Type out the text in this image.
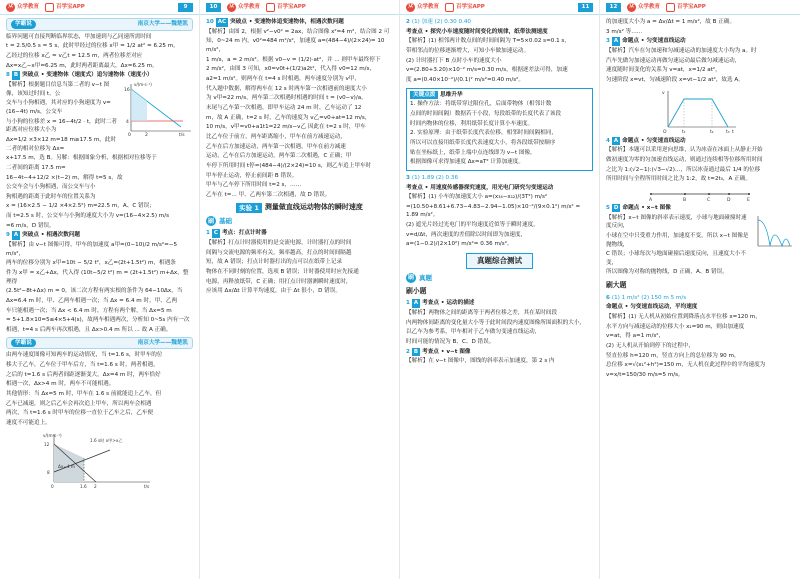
众 众学教育	百学宝APP	9
学霸说	南京大学——魏楚凯

临界问题可直接判断临界状态，甲加速到与乙同速所需时间

t = 2.5/0.5 s = 5 s，此时甲经过的位移 x甲 = 1/2 at² = 6.25 m，

乙经过的位移 x乙 = v乙t = 12.5 m，两者位移差对应

Δx=x乙−x甲=6.25 m，此时两者距离最大，Δx=6.25 m。

8 B 突破点 • 变速物体（速度式）追匀速物体（速度小）

16
4
0	2	t/s
v/(m·s⁻¹)

【解析】根据题目信息当第二者的 v−t 图像，该知过时间 t，公

交车与小狗相遇，其对应的小狗速度为 v=(16−4t) m/s，公交车

与小狗的位移差 x = 16−4t/2 · t，此时二者距离对应位移大小为

Δx=1/2 ×3×12 m=18 m≥17.5 m，此时二者的相对位移为 Δx=

x+17.5 m，选 B。另解：根据图象分析，根据相对位移等于

二者间的距离 17.5 m=

16−4t−4+12/2 ×(t−2) m，解得 t=5 s，故

公交车会与小狗相遇，而公交车与小

狗相遇的距离于此时车的位置关系为

x = (16×2.5 − 1/2 ×4×2.5²) m=22.5 m，A、C 错误；

而 t=2.5 s 时，公交车与小狗的速度大小为 v=(16−4×2.5) m/s

=6 m/s，D 错误。

9 A 突破点 • 相遇次数问题

【解析】由 v−t 图像可得，甲车的加速度 a甲=(0−10)/2 m/s²=−5 m/s²，

两车的位移分别为 x甲=10t − 5/2 t²，x乙=(2t+1.5t²) m，相遇条

件为 x甲 = x乙+Δx，代入得 (10t−5/2 t²) m = (2t+1.5t²) m+Δx，整理得

(2.5t²−8t+Δx) m = 0，该二次方程有两实根的条件为 64−10Δx，当

Δx=6.4 m 时，甲、乙两车相遇一次；当 Δx = 6.4 m 时，甲、乙两

车只能相遇一次；当 Δx < 6.4 m 时，方程有两个解，当 Δx=5 m

= 5+1.8×10=5≤4×5+4(s)，故两车相遇两次，分析知 0~5s 内有一次

相遇，t=4 s 后两车再次相遇，且 Δx>0.4 m 所以 ... 故 A 正确。

学霸说	南京大学——魏楚凯

由两车速度图像可知两车的运动情况，当 t=1.6 s，时甲车的位

移大于乙车，乙车位于甲车后方，当 t=1.6 s 时，两者相遇，

之后的 t=1.6 s 后两者间距逐渐变大，Δx=4 m 时，两车恰好

相遇一次，Δx>4 m 时，两车不可能相遇。

其他情形：当 Δx=5 m 时，甲车在 1.6 s 前就能追上乙车，但

乙车已减速，则之后乙车会再次追上甲车，所以两车会相遇

两次，当 t=1.6 s 时甲车的位移一直位于乙车之后，乙车便

速度不可能追上。

v/(m·s⁻¹)
12
8
0	1.6 2	t/s
Δx=4 m
1.6 s时 x甲>x乙
10	众 众学教育	百学宝APP

10 AC 突破点 • 变速物体追变速物体，相遇次数问题

【解析】由图 2，根据 v²−v0² = 2ax，结合图像 x²=4 m²，结合图 2 可

知，0~24 m 内，v0²=484 m²/s²，加速度 a=(484−4)/(2×24)= 10 m/s²，

1 m/s，a = 2 m/s²。根据 v0−v = (1/2)·at²，并 ... 则甲车最终停下

2 m/s²，由图 3 可知，x0=v0t+(1/2)a2t²，代入得 v0=12 m/s，

a2=1 m/s²。则两车在 t=4 s 时相遇，两车速度分别为 v甲，

代入题中数据，解得两车在 12 s 时两车第一次相遇前的速度大小

为 v甲=22 m/s，两车第二次相遇时相遇的时间 t = (v0−v)/a，

末尾与乙车第一次相遇，即甲车运动 24 m 时，乙车运动了 12

m，故 A 正确，t=2 s 时，乙车的速度为 v乙=v0+at=12 m/s，

10 m/s，v甲=v0+a1t1=22 m/s−v乙 因此在 t=2 s 时，甲车

比乙车位于前方，两车距离缩小，甲车在前方减速运动，

乙车在后方加速运动，两车第一次相遇，甲车在前方减速

运动，乙车在后方加速运动，两车第二次相遇，C 正确；甲

车停下所用时间 t停=(484−4)/(2×24)=10 s，则乙车追上甲车时

甲车停止运动，停止前间距 B 错误。

甲车与乙车停下所用时间 t=2 s，……

乙车在 t=... 甲、乙两车第二次相遇，故 D 错误。

实验 1 测量做直线运动物体的瞬时速度
刷 基础

1 C 考点：打点计时器

【解析】打点计时器使用的是交流电源，计时器打点的时间

间隔与交流电源的频率有关，频率越高，打点的时间间隔越

短，故 A 错误；打点计时器打出的点可以在纸带上记录

物体在不同时刻的位置，选项 B 错误；计时器使用时应先接通

电源，再释放纸带，C 正确；用打点计时器测瞬时速度时，

应该用 Δx/Δt 计算平均速度，由于 Δt 很小，D 错误。

众 众学教育	百学宝APP	11

2 (1) 加速 (2) 0.30 0.40

考查点 • 探究小车速度随时间变化的规律，纸带法测速度

【解析】(1) 相邻两计数点间的时间间隔为 T=5×0.02 s=0.1 s，

带相邻点的位移逐渐增大，可知小车做加速运动。

(2) 计时器打下 B 点时小车的速度大小

v=(2.80+3.20)×10⁻² m/s=0.30 m/s，根据逐差法可得，加速

度 a=(0.40×10⁻²)/(0.1)² m/s²=0.40 m/s²。

关键点拨 思维升华

1. 操作方法：将纸带穿过限位孔，后面带物体（相邻计数

点间的时间间隔）数据若干小段，每段纸带的长度代表了该段

时间内物体的位移，利用纸带长度计算小车速度。

2. 实验原理：由于纸带长度代表位移，相邻时间间隔相同，

所以可以直接用纸带长度代表速度大小，将各段纸带按顺序

贴在坐标纸上，纸带上端中点连线即为 v−t 图像，

根据图像可求得加速度 Δx=aT² 计算加速度。

3 (1) 1.89 (2) 0.36

考查点 • 用速度传感器探究速度，用光电门研究匀变速运动

【解析】(1) 小车的加速度大小 a=(x₃₄−x₁₂)/(3T²) m/s²

=(10.50+8.61+6.73−4.83−2.94−1.05)×10⁻²/(9×0.1²) m/s² = 1.89 m/s²。

(2) 遮光片经过光电门的平均速度近似等于瞬时速度，

v=d/Δt，两次速度的差值除以时间即为加速度，

a=(1−0.2)/(2×10²) m/s²= 0.36 m/s²。

真题综合测试
刷 真题

刷小题

1 A 考查点 • 运动的描述

【解析】两物体之间的距离等于两者位移之差，其在某时间段

内两物体间距离的变化量大小等于此时间段内速度图像所围面积的大小，

以乙车为参考系，甲车相对于乙车做匀变速直线运动，

时间可能的情况为 B、C、D 错误。

2 B 考查点 • v−t 图像

【解析】在 v−t 图像中，图线的斜率表示加速度，第 2 s 内

12	众 众学教育	百学宝APP

的加速度大小为 a = Δv/Δt = 1 m/s²，故 B 正确。

3 m/s² 等……

3 A 命题点 • 匀变速直线运动

【解析】汽车在匀加速和匀减速运动的加速度大小均为 a。时

汽车先做匀加速运动再做匀速运动最后做匀减速运动，

速度随时间变化的关系为 v=at，x=1/2 at²，

匀速阶段 x=vt，匀减速阶段 x=vt−1/2 at²，故选 A。

v
t
O	t₁	t₂	t₃

4 A 命题点 • 匀变速直线运动

【解析】本题可以采用逆向思维，认为冰壶在冰面上从静止开始

做初速度为零的匀加速直线运动，则通过连续相等位移所用时间

之比为 1:(√2−1):(√3−√2)…，所以冰壶通过最后 1/4 的位移

所用时间与全程所用时间之比为 1:2，故 t=2t₀，A 正确。

A	B	C	D	E

5 D 命题点 • x−t 图像

【解析】x−t 图像的斜率表示速度，小球与地面碰撞时速度反向，

小球在空中只受重力作用，加速度不变，所以 x−t 图像是抛物线，

C 错误；小球每次与地面碰撞后速度反向，且速度大小不变，

所以图像为对称的抛物线，D 正确，A、B 错误。

刷大题

6 (1) 1 m/s² (2) 150 m 5 m/s

命题点 • 匀变速直线运动，平均速度

【解析】(1) 无人机从初始位置到降落点水平位移 x=120 m，

水平方向与减速运动的位移大小 x₁=90 m，则由加速度

v=at，得 a=1 m/s²，

(2) 无人机从开始到停下的过程中，

竖直位移 h=120 m，竖直方向上的总位移为 90 m，

总位移 x=√(x₁²+h²)=150 m，无人机在此过程中的平均速度为

v=x/t=150/30 m/s=5 m/s。
